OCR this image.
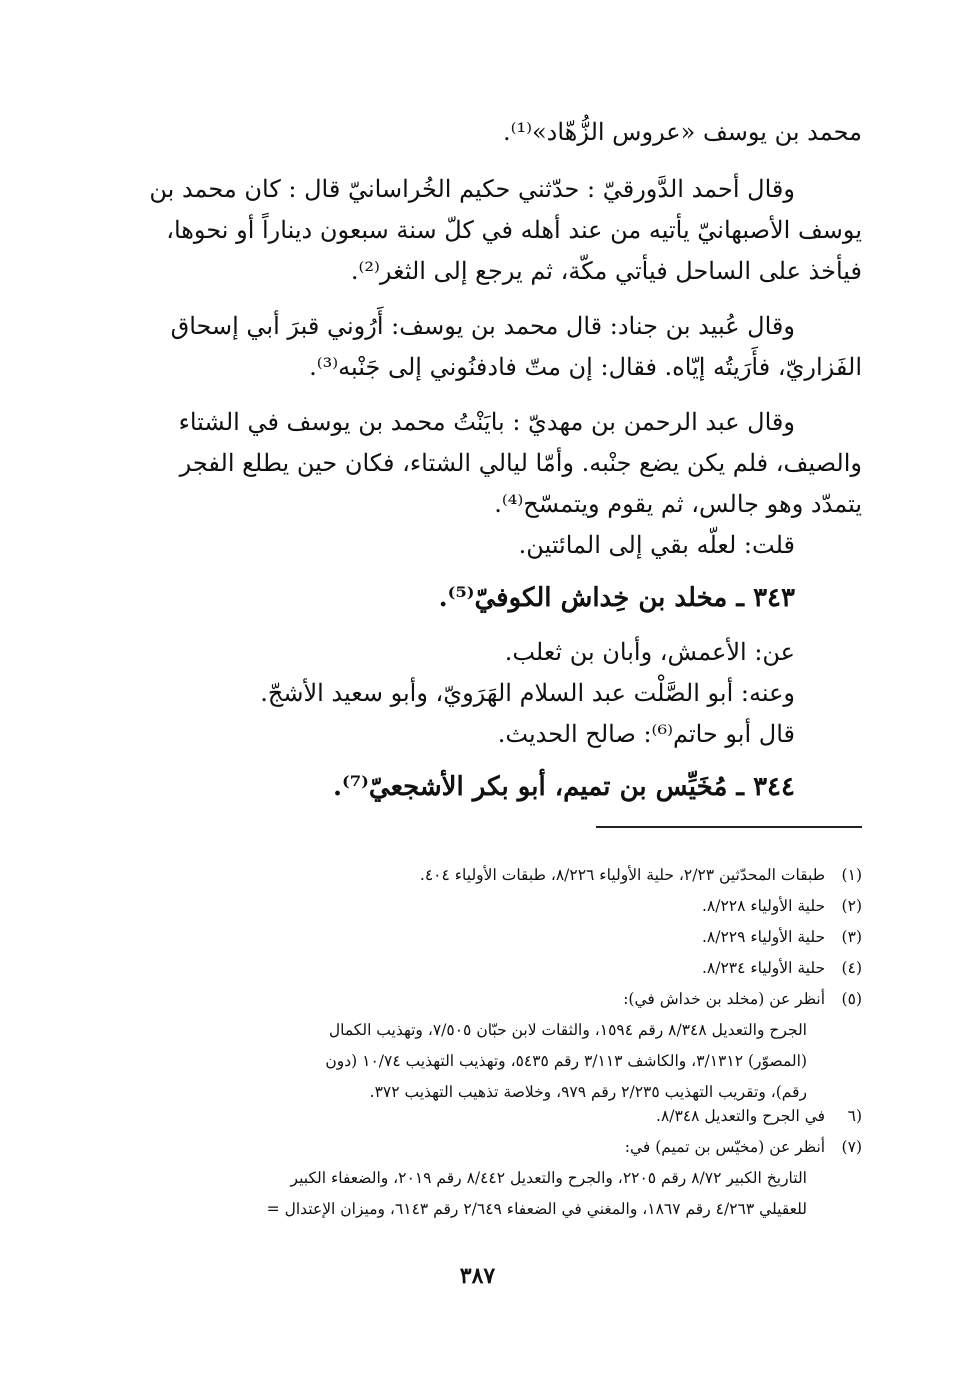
محمد بن يوسف «عروس الزُّهّاد»⁽¹⁾.
وقال أحمد الدَّورقيّ : حدّثني حكيم الخُراسانيّ قال : كان محمد بن
يوسف الأصبهانيّ يأتيه من عند أهله في كلّ سنة سبعون ديناراً أو نحوها،
فيأخذ على الساحل فيأتي مكّة، ثم يرجع إلى الثغر⁽²⁾.
وقال عُبيد بن جناد: قال محمد بن يوسف: أَرُوني قبرَ أبي إسحاق
الفَزاريّ، فأَرَيتُه إيّاه. فقال: إن متّ فادفنُوني إلى جَنْبه⁽³⁾.
وقال عبد الرحمن بن مهديّ : بايَنْتُ محمد بن يوسف في الشتاء
والصيف، فلم يكن يضع جنْبه. وأمّا ليالي الشتاء، فكان حين يطلع الفجر
يتمدّد وهو جالس، ثم يقوم ويتمسّح⁽⁴⁾.
قلت: لعلّه بقي إلى المائتين.
٣٤٣ ـ مخلد بن خِداش الكوفيّ⁽⁵⁾.
عن: الأعمش، وأبان بن ثعلب.
وعنه: أبو الصَّلْت عبد السلام الهَرَويّ، وأبو سعيد الأشجّ.
قال أبو حاتم⁽⁶⁾: صالح الحديث.
٣٤٤ ـ مُخَيِّس بن تميم، أبو بكر الأشجعيّ⁽⁷⁾.
(١) طبقات المحدّثين ٢/٢٣، حلية الأولياء ٨/٢٢٦، طبقات الأولياء ٤٠٤.
(٢) حلية الأولياء ٨/٢٢٨.
(٣) حلية الأولياء ٨/٢٢٩.
(٤) حلية الأولياء ٨/٢٣٤.
(٥) أنظر عن (مخلد بن خداش في):
الجرح والتعديل ٨/٣٤٨ رقم ١٥٩٤، والثقات لابن حبّان ٧/٥٠٥، وتهذيب الكمال
(المصوّر) ٣/١٣١٢، والكاشف ٣/١١٣ رقم ٥٤٣٥، وتهذيب التهذيب ١٠/٧٤ (دون
رقم)، وتقريب التهذيب ٢/٢٣٥ رقم ٩٧٩، وخلاصة تذهيب التهذيب ٣٧٢.
(٦ في الجرح والتعديل ٨/٣٤٨.
(٧) أنظر عن (مخيّس بن تميم) في:
التاريخ الكبير ٨/٧٢ رقم ٢٢٠٥، والجرح والتعديل ٨/٤٤٢ رقم ٢٠١٩، والضعفاء الكبير
للعقيلي ٤/٢٦٣ رقم ١٨٦٧، والمغني في الضعفاء ٢/٦٤٩ رقم ٦١٤٣، وميزان الإعتدال =
٣٨٧
